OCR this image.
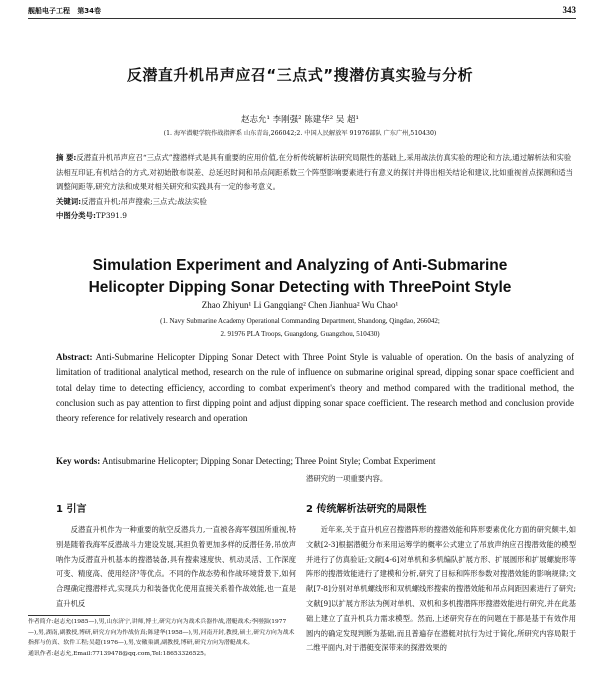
舰船电子工程 第34卷	343
反潜直升机吊声应召“三点式”搜潜仿真实验与分析
赵志允¹ 李刚强² 陈建华² 吴 超¹
(1. 海军潜艇学院作战指挥系 山东青岛,266042;2. 中国人民解放军 91976部队 广东广州,510430)
摘 要:反潜直升机吊声应召“三点式”搜潜样式是具有重要的应用价值,在分析传统解析法研究局限性的基础上,采用战法仿真实验的理论和方法,通过解析法和实验法相互印证,有机结合的方式,对初始散布误差、总延迟时间和吊点间距系数三个阵型影响要素进行有意义的探讨并得出相关结论和建议,比如重视首点探测和适当调整间距等,研究方法和成果对相关研究和实践具有一定的参考意义。
关键词:反潜直升机;吊声搜索;三点式;战法实验
中图分类号:TP391.9
Simulation Experiment and Analyzing of Anti-Submarine
Helicopter Dipping Sonar Detecting with ThreePoint Style
Zhao Zhiyun¹ Li Gangqiang² Chen Jianhua² Wu Chao¹
(1. Navy Submarine Academy Operational Commanding Department, Shandong, Qingdao, 266042;
2. 91976 PLA Troops, Guangdong, Guangzhou, 510430)
Abstract: Anti-Submarine Helicopter Dipping Sonar Detect with Three Point Style is valuable of operation. On the basis of analyzing of limitation of traditional analytical method, research on the rule of influence on submarine original spread, dipping sonar space coefficient and total delay time to detecting efficiency, according to combat experiment's theory and method compared with the traditional method, the conclusion such as pay attention to first dipping point and adjust dipping sonar space coefficient. The research method and conclusion provide theory reference for relatively research and operation
Key words: Antisubmarine Helicopter; Dipping Sonar Detecting; Three Point Style; Combat Experiment
潜研究的一项重要内容。
1 引言
反潜直升机作为一种重要的航空反潜兵力,一直被各海军强国所重视,特别是随着我海军反潜战斗力建设发展,其担负着更加多样的反潜任务,吊放声呐作为反潜直升机基本的搜潜装备,具有搜索速度快、机动灵活、工作深度可变、精度高、使用经济³等优点。不同的作战态势和作战环境背景下,如何合理确定搜潜样式,实现兵力和装备优化使用直接关系着作战效能,也一直是直升机反
作者简介:赵志允(1985—),男,山东济宁,讲师,博士,研究方向为战术兵器作战,潜艇战术;李刚强(1977—),男,湖南,副教授,博研,研究方向为作战仿真;陈建华(1958—),男,河南开封,教授,硕士,研究方向为战术指挥与仿真、软件工程;吴超(1976—),男,安徽巢湖,副教授,博研,研究方向为潜艇战术。
通讯作者:赵志允,Email:77139478@qq.com,Tel:18653326525。
2 传统解析法研究的局限性
近年来,关于直升机应召搜潜阵形的搜潜效能和阵形要素优化方面的研究颇丰,如文献[2-3]根据潜艇分布来用运筹学的概率公式建立了吊放声纳应召搜潜效能的模型并进行了仿真验证;文献[4-6]对单机和多机编队扩展方形、扩展圆形和扩展螺旋形等阵形的搜潜效能进行了建模和分析,研究了目标和阵形参数对搜潜效能的影响规律;文献[7-8]分别对单机螺线形和双机螺线形搜索的搜潜效能和吊点间距因素进行了研究;文献[9]以扩展方形法为例对单机、双机和多机搜潜阵形搜潜效能进行研究,并在此基础上建立了直升机兵力需求模型。然而,上述研究存在的问题在于都是基于有效作用圆内的确定发现判断为基础,而且普遍存在潜艇对抗行为过于简化,所研究内容局限于二维平面内,对于潜艇变深带来的探潜效果的
